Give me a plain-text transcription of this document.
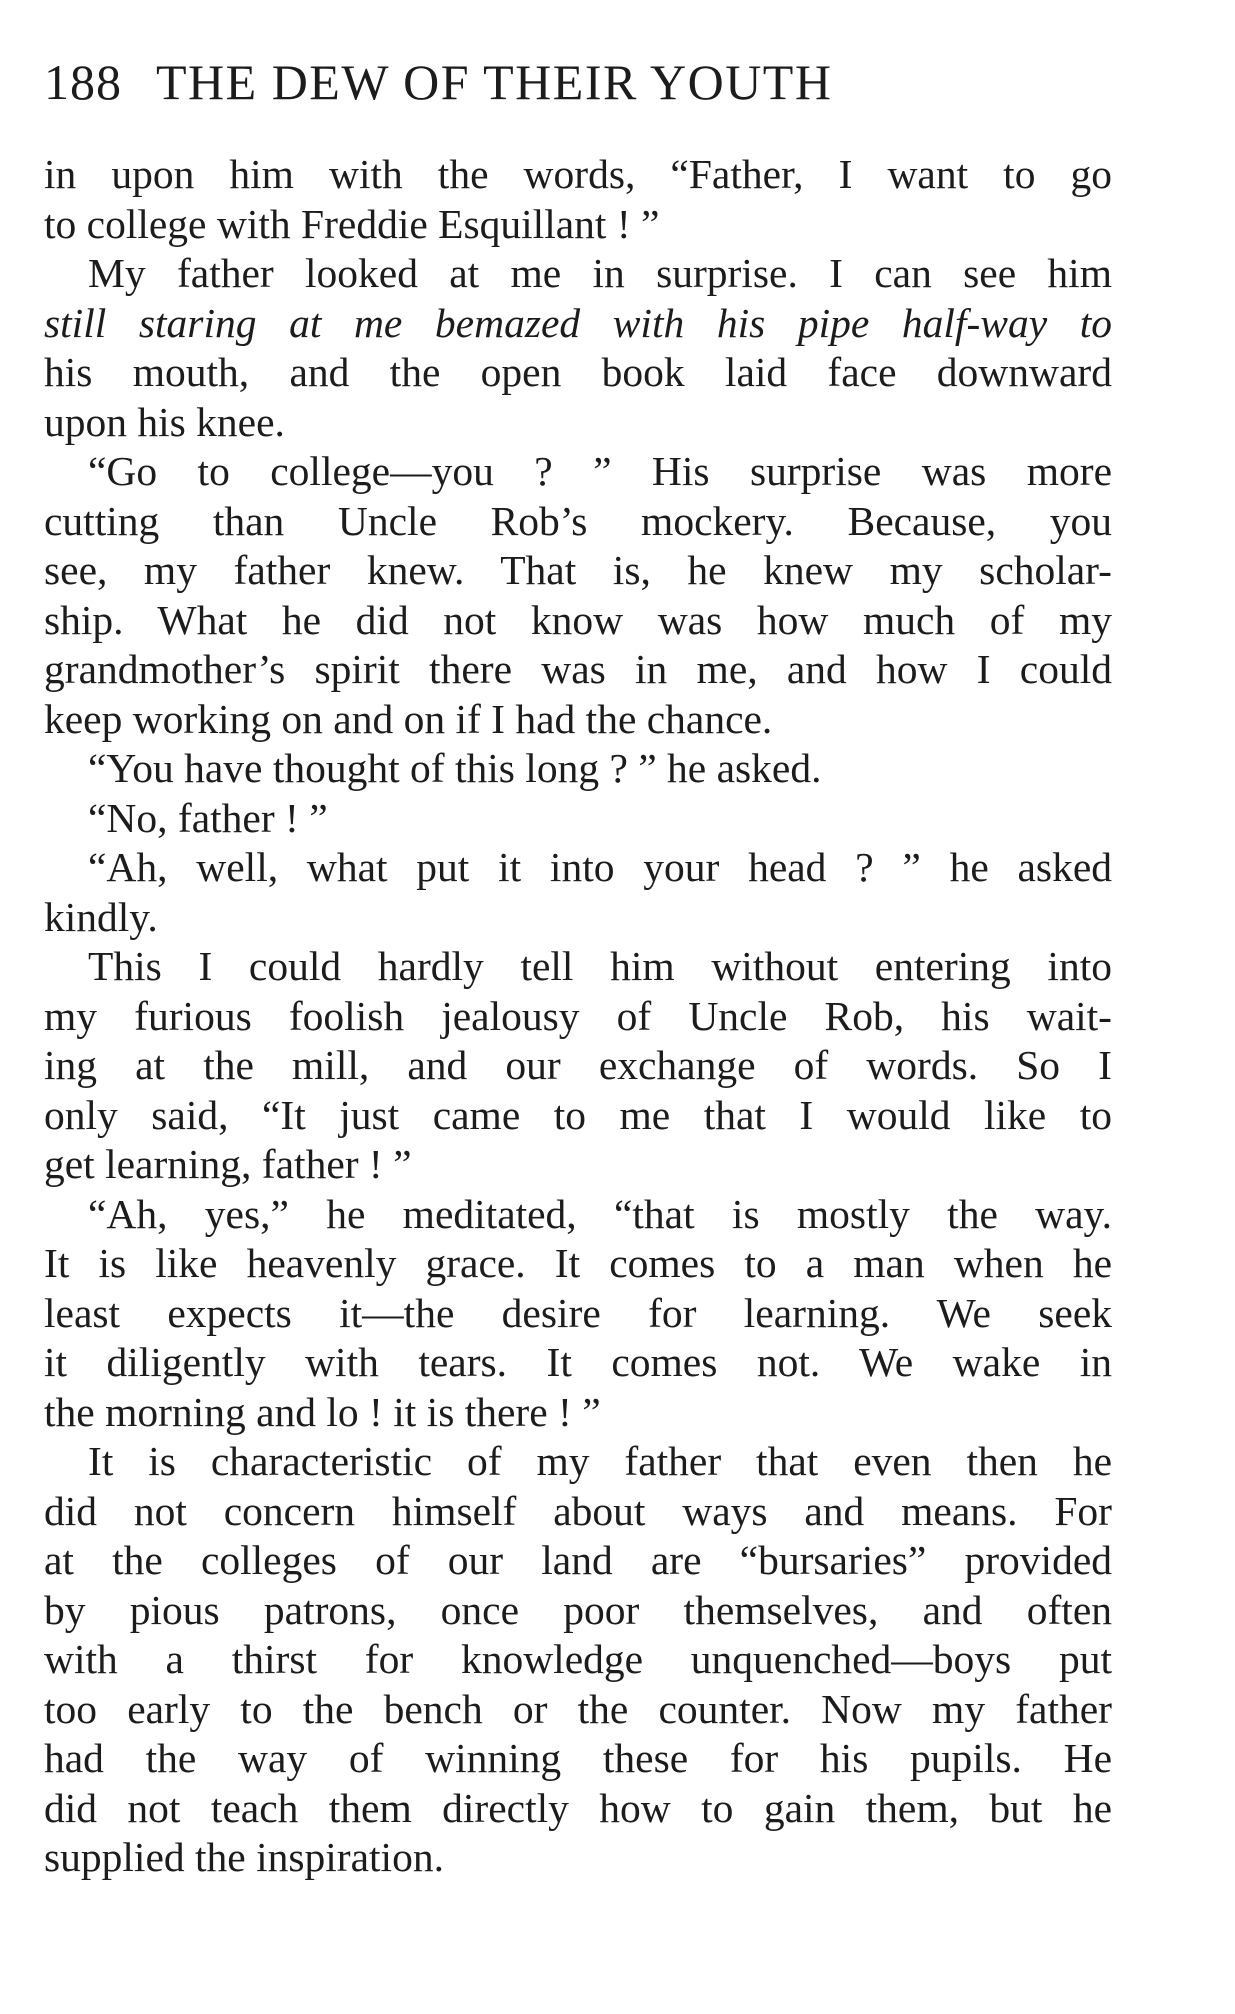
188 THE DEW OF THEIR YOUTH
in upon him with the words, “Father, I want to go
to college with Freddie Esquillant ! ”
My father looked at me in surprise. I can see him
still staring at me bemazed with his pipe half-way to
his mouth, and the open book laid face downward
upon his knee.
“Go to college—you ? ” His surprise was more
cutting than Uncle Rob’s mockery. Because, you
see, my father knew. That is, he knew my scholar-
ship. What he did not know was how much of my
grandmother’s spirit there was in me, and how I could
keep working on and on if I had the chance.
“You have thought of this long ? ” he asked.
“No, father ! ”
“Ah, well, what put it into your head ? ” he asked
kindly.
This I could hardly tell him without entering into
my furious foolish jealousy of Uncle Rob, his wait-
ing at the mill, and our exchange of words. So I
only said, “It just came to me that I would like to
get learning, father ! ”
“Ah, yes,” he meditated, “that is mostly the way.
It is like heavenly grace. It comes to a man when he
least expects it—the desire for learning. We seek
it diligently with tears. It comes not. We wake in
the morning and lo ! it is there ! ”
It is characteristic of my father that even then he
did not concern himself about ways and means. For
at the colleges of our land are “bursaries” provided
by pious patrons, once poor themselves, and often
with a thirst for knowledge unquenched—boys put
too early to the bench or the counter. Now my father
had the way of winning these for his pupils. He
did not teach them directly how to gain them, but he
supplied the inspiration.
